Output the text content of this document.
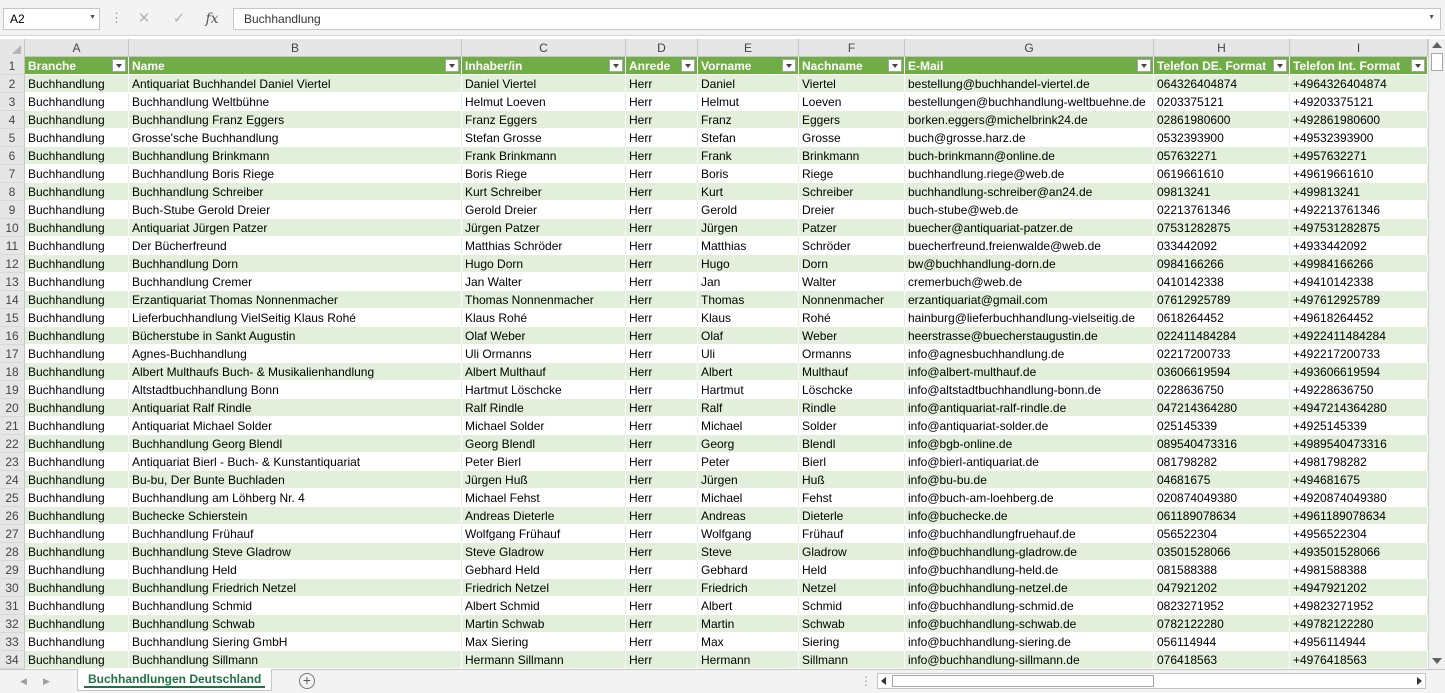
A2	▼ ⋮ ✕	✓	fx	Buchhandlung	▼
A	B	C	D	E	F	G	H	I
1	Branche	Name	Inhaber/in	Anrede	Vorname	Nachname	E-Mail	Telefon DE. Format	Telefon Int. Format
2	Buchhandlung	Antiquariat Buchhandel Daniel Viertel	Daniel Viertel	Herr	Daniel	Viertel	bestellung@buchhandel-viertel.de	064326404874	+4964326404874
3	Buchhandlung	Buchhandlung Weltbühne	Helmut Loeven	Herr	Helmut	Loeven	bestellungen@buchhandlung-weltbuehne.de 0203375121	+49203375121
4	Buchhandlung	Buchhandlung Franz Eggers	Franz Eggers	Herr	Franz	Eggers	borken.eggers@michelbrink24.de	02861980600	+492861980600
5	Buchhandlung	Grosse'sche Buchhandlung	Stefan Grosse	Herr	Stefan	Grosse	buch@grosse.harz.de	0532393900	+49532393900
6	Buchhandlung	Buchhandlung Brinkmann	Frank Brinkmann	Herr	Frank	Brinkmann	buch-brinkmann@online.de	057632271	+4957632271
7	Buchhandlung	Buchhandlung Boris Riege	Boris Riege	Herr	Boris	Riege	buchhandlung.riege@web.de	0619661610	+49619661610
8	Buchhandlung	Buchhandlung Schreiber	Kurt Schreiber	Herr	Kurt	Schreiber	buchhandlung-schreiber@an24.de	09813241	+499813241
9	Buchhandlung	Buch-Stube Gerold Dreier	Gerold Dreier	Herr	Gerold	Dreier	buch-stube@web.de	02213761346	+492213761346
10 Buchhandlung	Antiquariat Jürgen Patzer	Jürgen Patzer	Herr	Jürgen	Patzer	buecher@antiquariat-patzer.de	07531282875	+497531282875
11 Buchhandlung	Der Bücherfreund	Matthias Schröder	Herr	Matthias	Schröder	buecherfreund.freienwalde@web.de	033442092	+4933442092
12 Buchhandlung	Buchhandlung Dorn	Hugo Dorn	Herr	Hugo	Dorn	bw@buchhandlung-dorn.de	0984166266	+49984166266
13 Buchhandlung	Buchhandlung Cremer	Jan Walter	Herr	Jan	Walter	cremerbuch@web.de	0410142338	+49410142338
14 Buchhandlung	Erzantiquariat Thomas Nonnenmacher	Thomas Nonnenmacher	Herr	Thomas	Nonnenmacher	erzantiquariat@gmail.com	07612925789	+497612925789
15 Buchhandlung	Lieferbuchhandlung VielSeitig Klaus Rohé	Klaus Rohé	Herr	Klaus	Rohé	hainburg@lieferbuchhandlung-vielseitig.de	0618264452	+49618264452
16 Buchhandlung	Bücherstube in Sankt Augustin	Olaf Weber	Herr	Olaf	Weber	heerstrasse@buecherstaugustin.de	022411484284	+4922411484284
17 Buchhandlung	Agnes-Buchhandlung	Uli Ormanns	Herr	Uli	Ormanns	info@agnesbuchhandlung.de	02217200733	+492217200733
18 Buchhandlung	Albert Multhaufs Buch- & Musikalienhandlung	Albert Multhauf	Herr	Albert	Multhauf	info@albert-multhauf.de	03606619594	+493606619594
19 Buchhandlung	Altstadtbuchhandlung Bonn	Hartmut Löschcke	Herr	Hartmut	Löschcke	info@altstadtbuchhandlung-bonn.de	0228636750	+49228636750
20 Buchhandlung	Antiquariat Ralf Rindle	Ralf Rindle	Herr	Ralf	Rindle	info@antiquariat-ralf-rindle.de	047214364280	+4947214364280
21 Buchhandlung	Antiquariat Michael Solder	Michael Solder	Herr	Michael	Solder	info@antiquariat-solder.de	025145339	+4925145339
22 Buchhandlung	Buchhandlung Georg Blendl	Georg Blendl	Herr	Georg	Blendl	info@bgb-online.de	089540473316	+4989540473316
23 Buchhandlung	Antiquariat Bierl - Buch- & Kunstantiquariat	Peter Bierl	Herr	Peter	Bierl	info@bierl-antiquariat.de	081798282	+4981798282
24 Buchhandlung	Bu-bu, Der Bunte Buchladen	Jürgen Huß	Herr	Jürgen	Huß	info@bu-bu.de	04681675	+494681675
25 Buchhandlung	Buchhandlung am Löhberg Nr. 4	Michael Fehst	Herr	Michael	Fehst	info@buch-am-loehberg.de	020874049380	+4920874049380
26 Buchhandlung	Buchecke Schierstein	Andreas Dieterle	Herr	Andreas	Dieterle	info@buchecke.de	061189078634	+4961189078634
27 Buchhandlung	Buchhandlung Frühauf	Wolfgang Frühauf	Herr	Wolfgang	Frühauf	info@buchhandlungfruehauf.de	056522304	+4956522304
28 Buchhandlung	Buchhandlung Steve Gladrow	Steve Gladrow	Herr	Steve	Gladrow	info@buchhandlung-gladrow.de	03501528066	+493501528066
29 Buchhandlung	Buchhandlung Held	Gebhard Held	Herr	Gebhard	Held	info@buchhandlung-held.de	081588388	+4981588388
30 Buchhandlung	Buchhandlung Friedrich Netzel	Friedrich Netzel	Herr	Friedrich	Netzel	info@buchhandlung-netzel.de	047921202	+4947921202
31 Buchhandlung	Buchhandlung Schmid	Albert Schmid	Herr	Albert	Schmid	info@buchhandlung-schmid.de	0823271952	+49823271952
32 Buchhandlung	Buchhandlung Schwab	Martin Schwab	Herr	Martin	Schwab	info@buchhandlung-schwab.de	0782122280	+49782122280
33 Buchhandlung	Buchhandlung Siering GmbH	Max Siering	Herr	Max	Siering	info@buchhandlung-siering.de	056114944	+4956114944
34 Buchhandlung	Buchhandlung Sillmann	Hermann Sillmann	Herr	Hermann	Sillmann	info@buchhandlung-sillmann.de	076418563	+4976418563
◀ ▶	Buchhandlungen Deutschland	+	⋮
